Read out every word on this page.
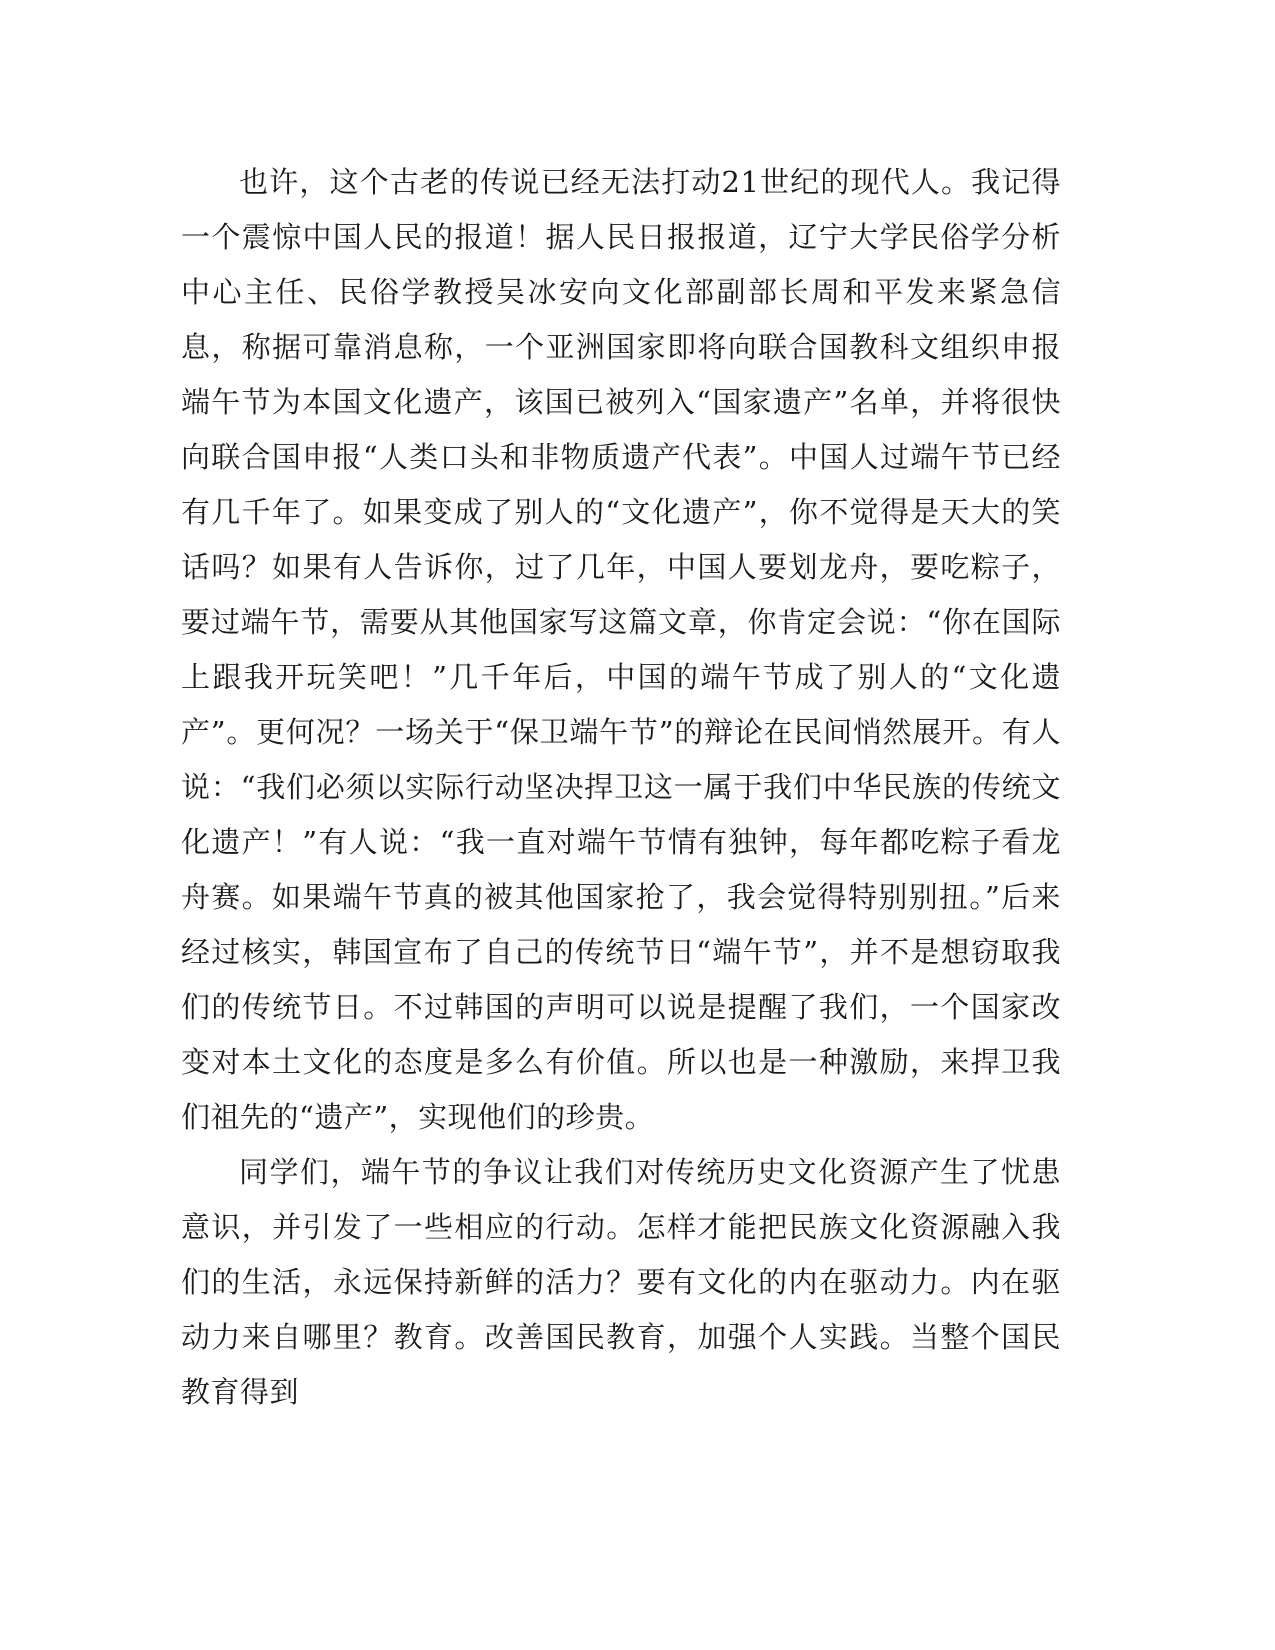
也许，这个古老的传说已经无法打动21世纪的现代人。我记得一个震惊中国人民的报道！据人民日报报道，辽宁大学民俗学分析中心主任、民俗学教授吴冰安向文化部副部长周和平发来紧急信息，称据可靠消息称，一个亚洲国家即将向联合国教科文组织申报端午节为本国文化遗产，该国已被列入“国家遗产”名单，并将很快向联合国申报“人类口头和非物质遗产代表”。中国人过端午节已经有几千年了。如果变成了别人的“文化遗产”，你不觉得是天大的笑话吗？如果有人告诉你，过了几年，中国人要划龙舟，要吃粽子，要过端午节，需要从其他国家写这篇文章，你肯定会说：“你在国际上跟我开玩笑吧！”几千年后，中国的端午节成了别人的“文化遗产”。更何况？一场关于“保卫端午节”的辩论在民间悄然展开。有人说：“我们必须以实际行动坚决捍卫这一属于我们中华民族的传统文化遗产！”有人说：“我一直对端午节情有独钟，每年都吃粽子看龙舟赛。如果端午节真的被其他国家抢了，我会觉得特别别扭。”后来经过核实，韩国宣布了自己的传统节日“端午节”，并不是想窃取我们的传统节日。不过韩国的声明可以说是提醒了我们，一个国家改变对本土文化的态度是多么有价值。所以也是一种激励，来捍卫我们祖先的“遗产”，实现他们的珍贵。

同学们，端午节的争议让我们对传统历史文化资源产生了忧患意识，并引发了一些相应的行动。怎样才能把民族文化资源融入我们的生活，永远保持新鲜的活力？要有文化的内在驱动力。内在驱动力来自哪里？教育。改善国民教育，加强个人实践。当整个国民教育得到
